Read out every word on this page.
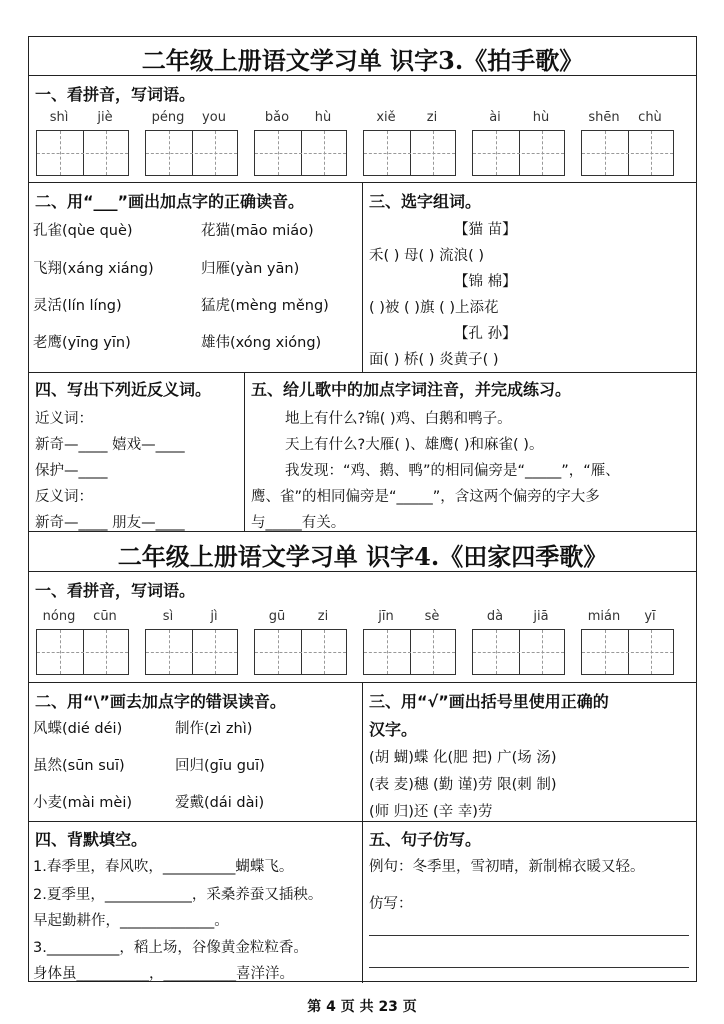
二年级上册语文学习单 识字3.《拍手歌》
一、看拼音，写词语。
shì	jiè	péng	you	bǎo	hù	xiě	zi	ài	hù	shēn	chù
二、用“___”画出加点字的正确读音。
孔雀(qùe què)	花猫(māo miáo)
飞翔(xáng xiáng)	归雁(yàn yān)
灵活(lín líng)	猛虎(mèng měng)
老鹰(yīng yīn)	雄伟(xóng xióng)
三、选字组词。
【猫 苗】
禾( ) 母( ) 流浪( )
【锦 棉】
( )被 ( )旗 ( )上添花
【孔 孙】
面( ) 桥( ) 炎黄子( )
四、写出下列近反义词。
近义词：
新奇—____ 嬉戏—____
保护—____
反义词：
新奇—____ 朋友—____
五、给儿歌中的加点字词注音，并完成练习。
地上有什么?锦( )鸡、白鹅和鸭子。
天上有什么?大雁( )、雄鹰( )和麻雀( )。
我发现：“鸡、鹅、鸭”的相同偏旁是“_____”，“雁、
鹰、雀”的相同偏旁是“_____”，含这两个偏旁的字大多
与_____有关。
二年级上册语文学习单 识字4.《田家四季歌》
一、看拼音，写词语。
nóng	cūn	sì	jì	gū	zi	jīn	sè	dà	jiā	mián	yī
二、用“\”画去加点字的错误读音。
风蝶(dié déi)	制作(zì zhì)
虽然(sūn suī)	回归(gīu guī)
小麦(mài mèi)	爱戴(dái dài)
三、用“√”画出括号里使用正确的
汉字。
(胡 蝴)蝶 化(肥 把) 广(场 汤)
(表 麦)穗 (勤 谨)劳 限(刺 制)
(师 归)还 (辛 幸)劳
四、背默填空。
1.春季里，春风吹，__________蝴蝶飞。
2.夏季里，____________，采桑养蚕又插秧。
早起勤耕作，_____________。
3.__________，稻上场，谷像黄金粒粒香。
身体虽__________，__________喜洋洋。
五、句子仿写。
例句：冬季里，雪初晴，新制棉衣暖又轻。
仿写：
第 4 页 共 23 页
